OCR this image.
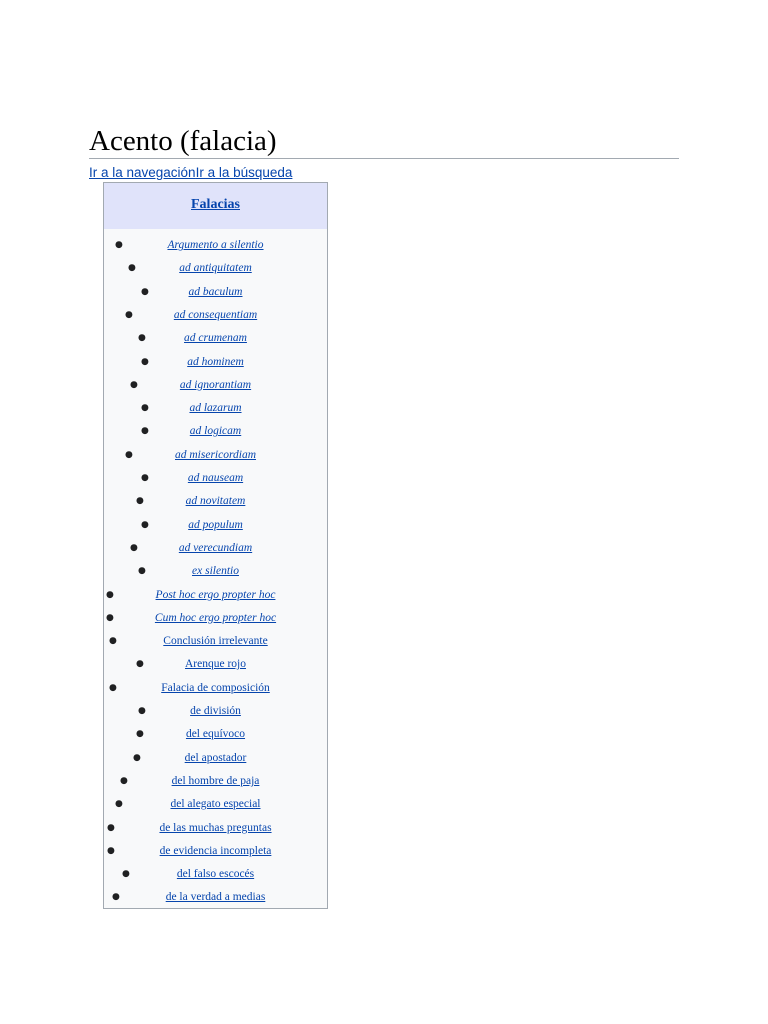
Acento (falacia)
Ir a la navegaciónIr a la búsqueda
Falacias
●	Argumento a silentio
●	ad antiquitatem
●	ad baculum
●	ad consequentiam
●	ad crumenam
●	ad hominem
●	ad ignorantiam
●	ad lazarum
●	ad logicam
●	ad misericordiam
●	ad nauseam
●	ad novitatem
●	ad populum
●	ad verecundiam
●	ex silentio
●	Post hoc ergo propter hoc
●	Cum hoc ergo propter hoc
●	Conclusión irrelevante
●	Arenque rojo
●	Falacia de composición
●	de división
●	del equívoco
●	del apostador
●	del hombre de paja
●	del alegato especial
●	de las muchas preguntas
●	de evidencia incompleta
●	del falso escocés
●	de la verdad a medias
